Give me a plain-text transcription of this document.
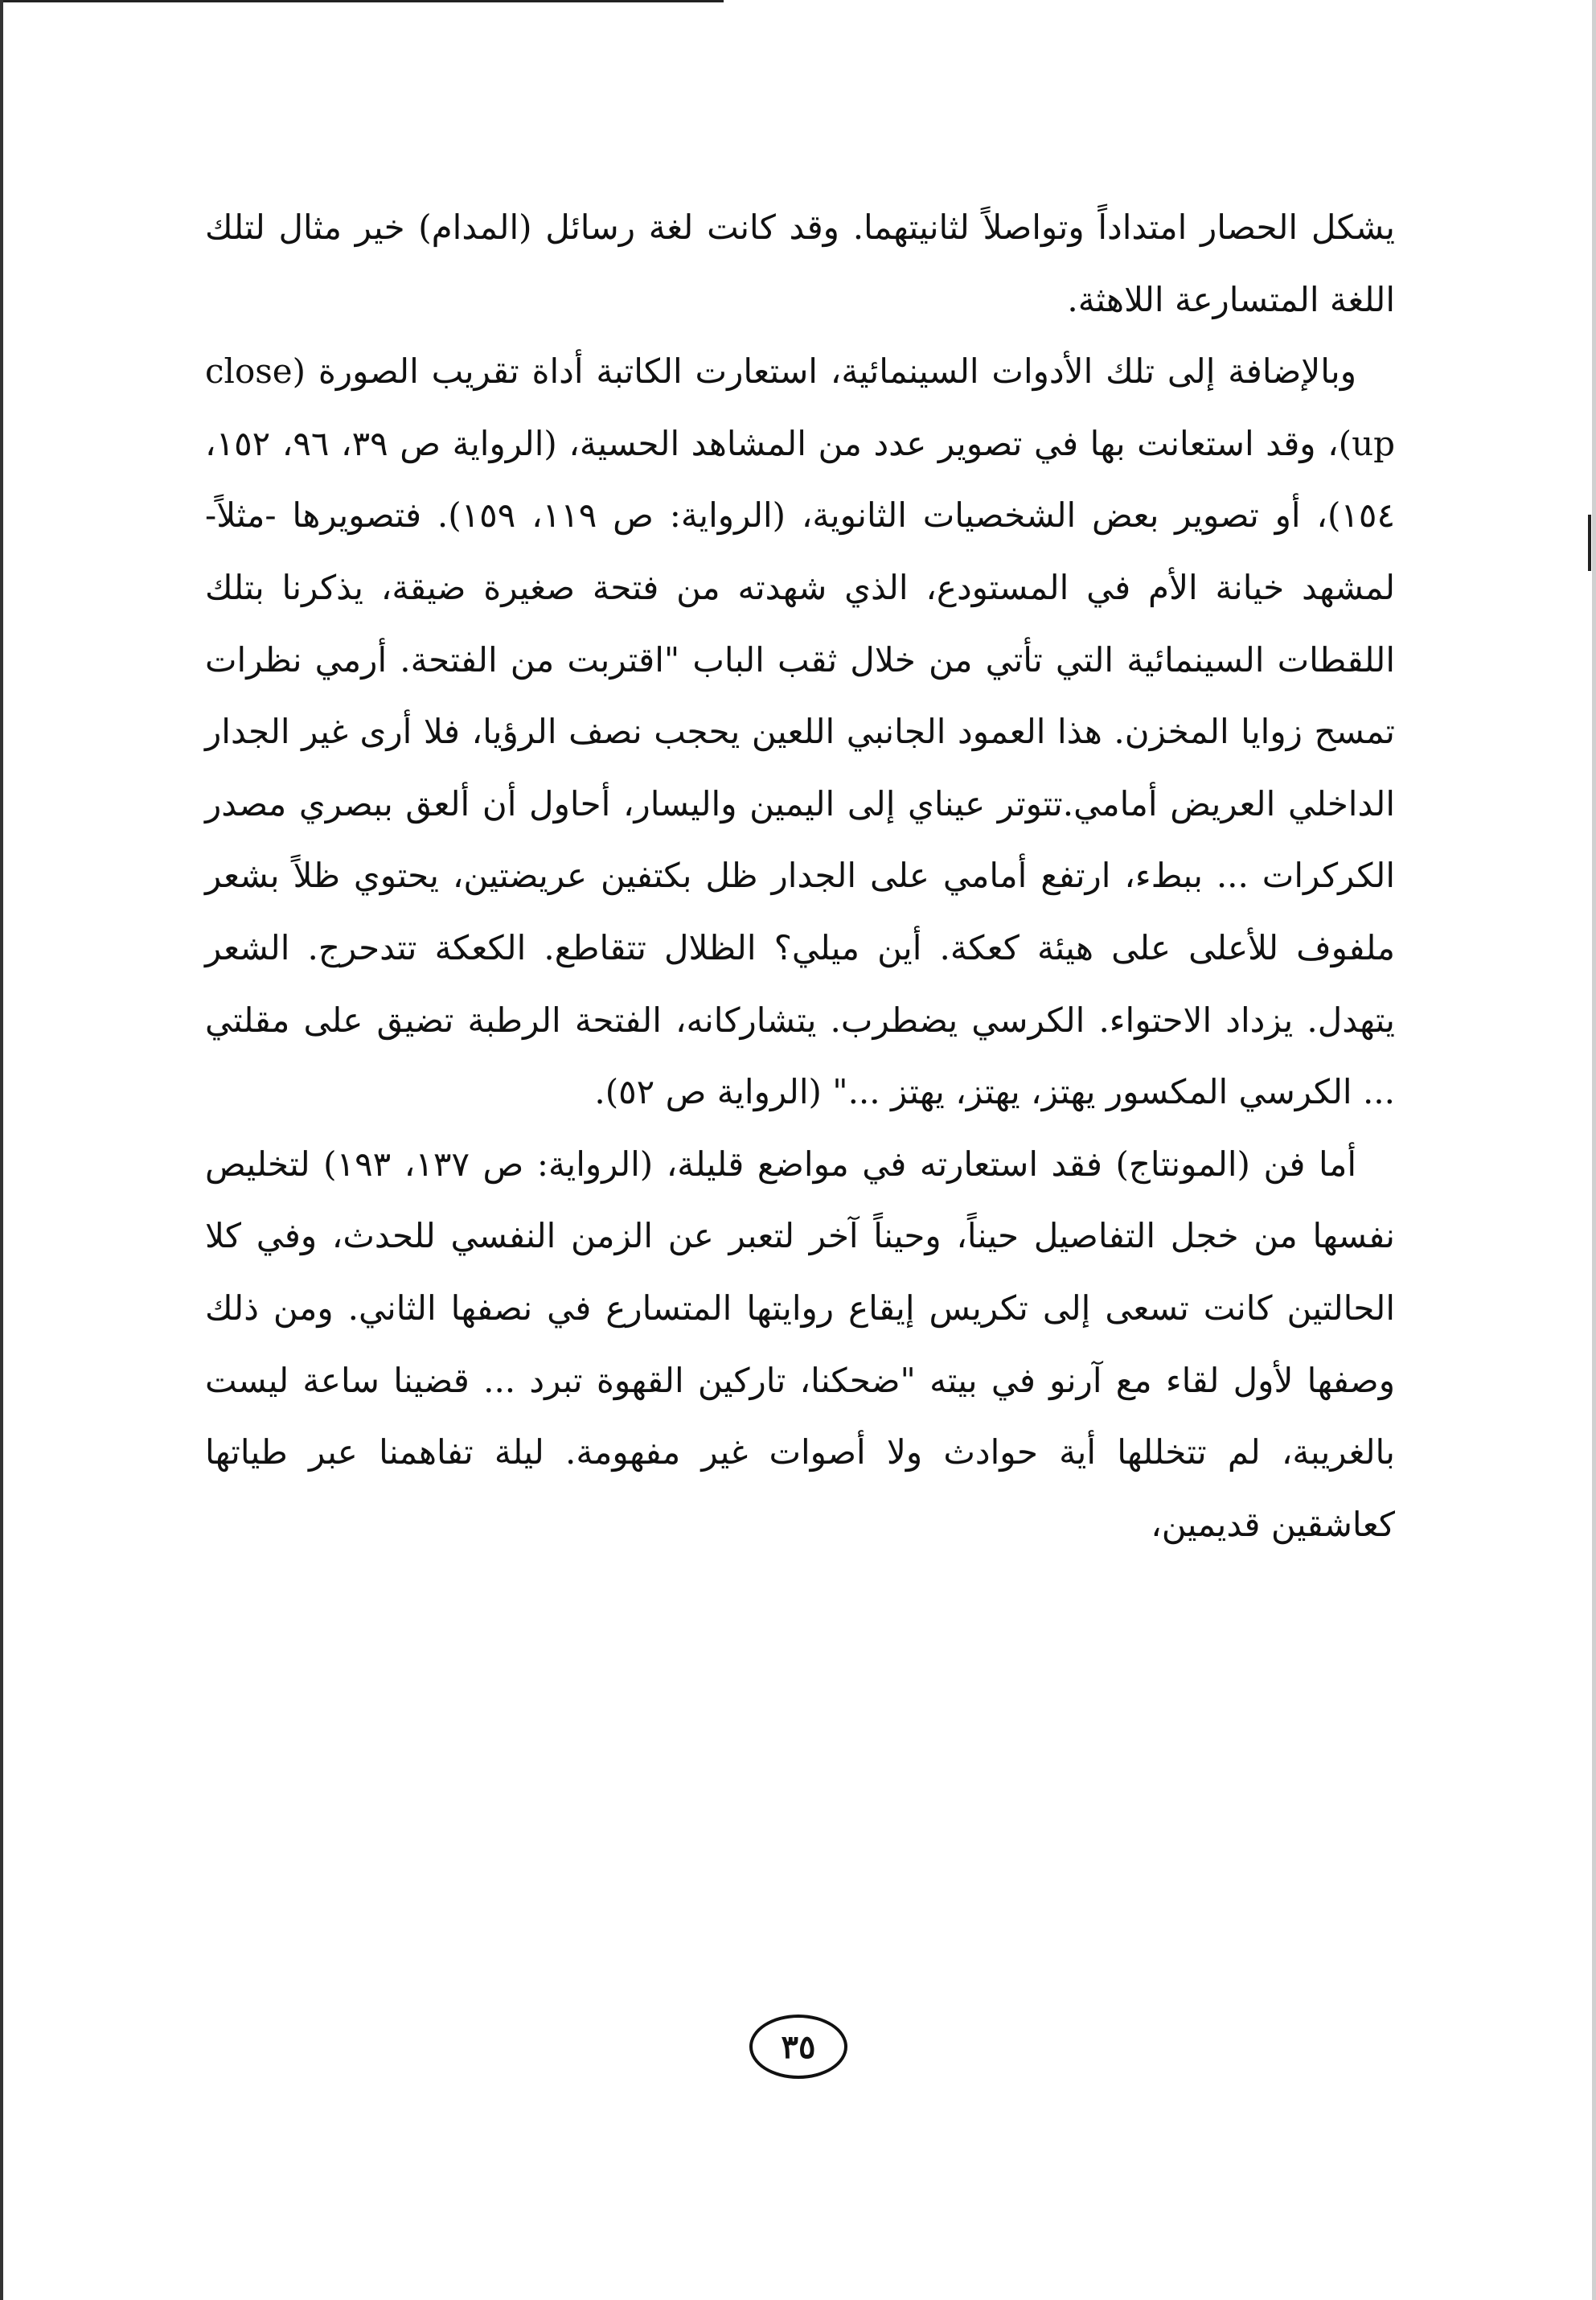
يشكل الحصار امتداداً وتواصلاً لثانيتهما. وقد كانت لغة رسائل (المدام) خير مثال لتلك اللغة المتسارعة اللاهثة.

وبالإضافة إلى تلك الأدوات السينمائية، استعارت الكاتبة أداة تقريب الصورة (close up)، وقد استعانت بها في تصوير عدد من المشاهد الحسية، (الرواية ص ٣٩، ٩٦، ١٥٢، ١٥٤)، أو تصوير بعض الشخصيات الثانوية، (الرواية: ص ١١٩، ١٥٩). فتصويرها -مثلاً- لمشهد خيانة الأم في المستودع، الذي شهدته من فتحة صغيرة ضيقة، يذكرنا بتلك اللقطات السينمائية التي تأتي من خلال ثقب الباب "اقتربت من الفتحة. أرمي نظرات تمسح زوايا المخزن. هذا العمود الجانبي اللعين يحجب نصف الرؤيا، فلا أرى غير الجدار الداخلي العريض أمامي.تتوتر عيناي إلى اليمين واليسار، أحاول أن ألعق ببصري مصدر الكركرات ... ببطء، ارتفع أمامي على الجدار ظل بكتفين عريضتين، يحتوي ظلاً بشعر ملفوف للأعلى على هيئة كعكة. أين ميلي؟ الظلال تتقاطع. الكعكة تتدحرج. الشعر يتهدل. يزداد الاحتواء. الكرسي يضطرب. يتشاركانه، الفتحة الرطبة تضيق على مقلتي ... الكرسي المكسور يهتز، يهتز، يهتز ..." (الرواية ص ٥٢).

أما فن (المونتاج) فقد استعارته في مواضع قليلة، (الرواية: ص ١٣٧، ١٩٣) لتخليص نفسها من خجل التفاصيل حيناً، وحيناً آخر لتعبر عن الزمن النفسي للحدث، وفي كلا الحالتين كانت تسعى إلى تكريس إيقاع روايتها المتسارع في نصفها الثاني. ومن ذلك وصفها لأول لقاء مع آرنو في بيته "ضحكنا، تاركين القهوة تبرد ... قضينا ساعة ليست بالغريبة، لم تتخللها أية حوادث ولا أصوات غير مفهومة. ليلة تفاهمنا عبر طياتها كعاشقين قديمين،

٣٥
